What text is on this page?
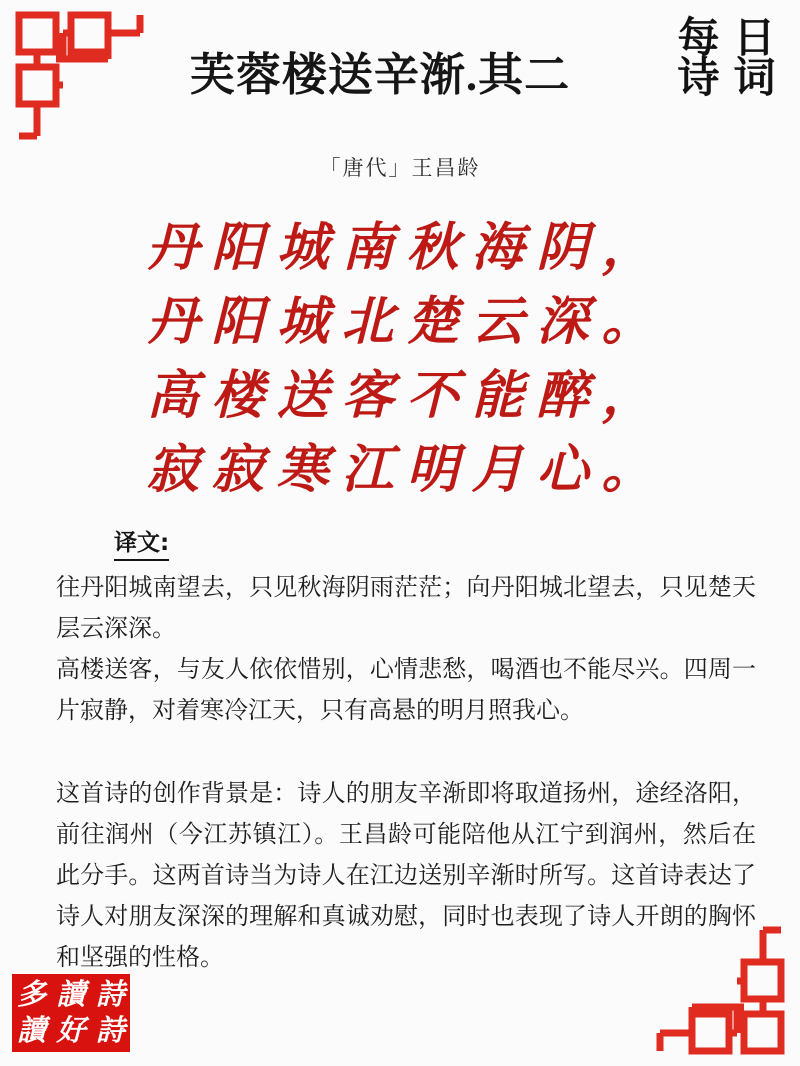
芙蓉楼送辛渐.其二
每 日
诗 词
「唐代」王昌龄
丹阳城南秋海阴，
丹阳城北楚云深。
高楼送客不能醉，
寂寂寒江明月心。
译文:

往丹阳城南望去，只见秋海阴雨茫茫；向丹阳城北望去，只见楚天层云深深。

高楼送客，与友人依依惜别，心情悲愁，喝酒也不能尽兴。四周一片寂静，对着寒冷江天，只有高悬的明月照我心。

这首诗的创作背景是：诗人的朋友辛渐即将取道扬州，途经洛阳，前往润州（今江苏镇江）。王昌龄可能陪他从江宁到润州，然后在此分手。这两首诗当为诗人在江边送别辛渐时所写。这首诗表达了诗人对朋友深深的理解和真诚劝慰，同时也表现了诗人开朗的胸怀和坚强的性格。

多 讀 詩
讀 好 詩
